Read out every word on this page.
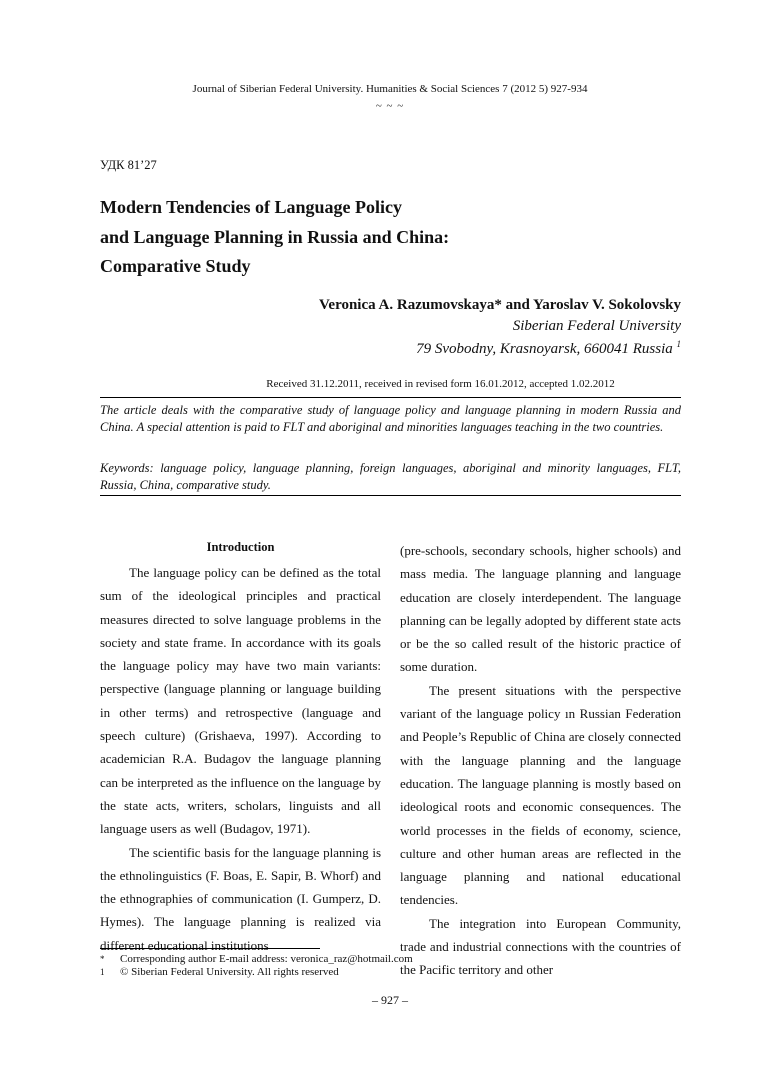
Journal of Siberian Federal University. Humanities & Social Sciences 7 (2012 5) 927-934
~ ~ ~
УДК 81’27
Modern Tendencies of Language Policy
and Language Planning in Russia and China:
Comparative Study
Veronica A. Razumovskaya* and Yaroslav V. Sokolovsky
Siberian Federal University
79 Svobodny, Krasnoyarsk, 660041 Russia $^1$
Received 31.12.2011, received in revised form 16.01.2012, accepted 1.02.2012
The article deals with the comparative study of language policy and language planning in modern Russia and China. A special attention is paid to FLT and aboriginal and minorities languages teaching in the two countries.
Keywords: language policy, language planning, foreign languages, aboriginal and minority languages, FLT, Russia, China, comparative study.
Introduction

The language policy can be defined as the total sum of the ideological principles and practical measures directed to solve language problems in the society and state frame. In accordance with its goals the language policy may have two main variants: perspective (language planning or language building in other terms) and retrospective (language and speech culture) (Grishaeva, 1997). According to academician R.A. Budagov the language planning can be interpreted as the influence on the language by the state acts, writers, scholars, linguists and all language users as well (Budagov, 1971).

The scientific basis for the language planning is the ethnolinguistics (F. Boas, E. Sapir, B. Whorf) and the ethnographies of communication (I. Gumperz, D. Hymes). The language planning is realized via different educational institutions

(pre-schools, secondary schools, higher schools) and mass media. The language planning and language education are closely interdependent. The language planning can be legally adopted by different state acts or be the so called result of the historic practice of some duration.

The present situations with the perspective variant of the language policy ın Russian Federation and People’s Republic of China are closely connected with the language planning and the language education. The language planning is mostly based on ideological roots and economic consequences. The world processes in the fields of economy, science, culture and other human areas are reflected in the language planning and national educational tendencies.

The integration into European Community, trade and industrial connections with the countries of the Pacific territory and other

*	Corresponding author E-mail address: veronica_raz@hotmail.com
1	© Siberian Federal University. All rights reserved
– 927 –
